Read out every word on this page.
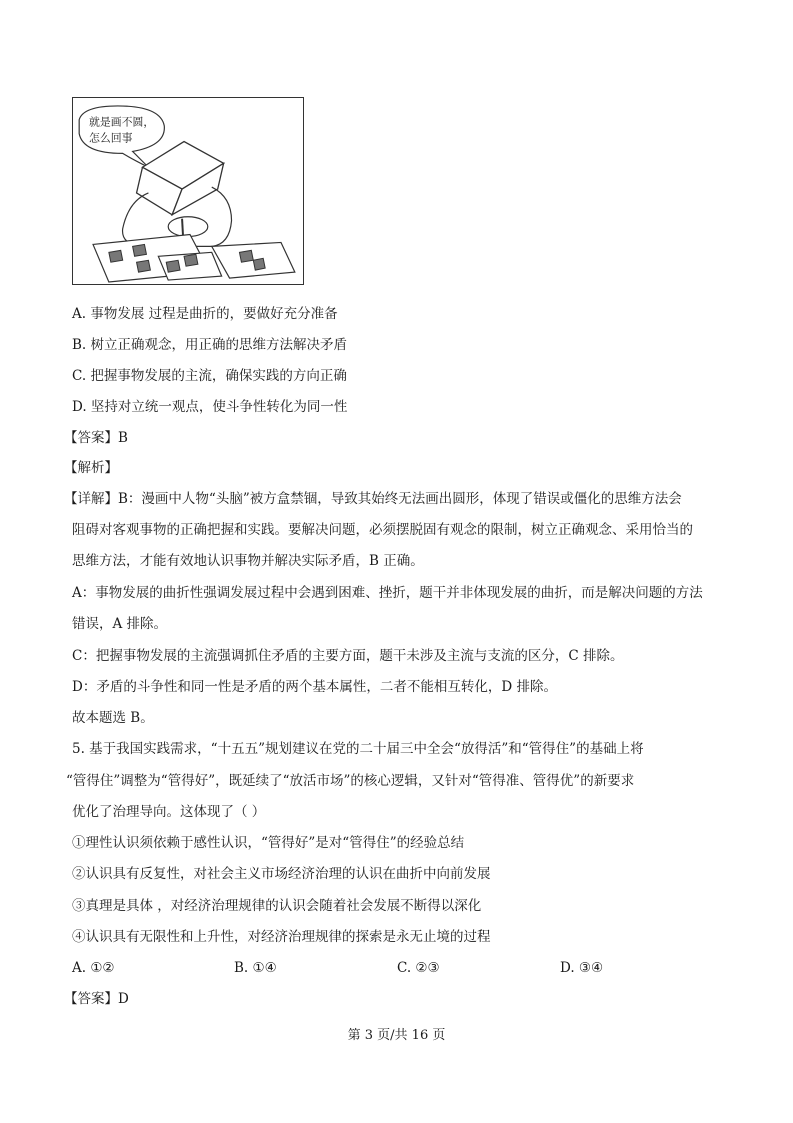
就是画不圆，
怎么回事
A. 事物发展 过程是曲折的，要做好充分准备
B. 树立正确观念，用正确的思维方法解决矛盾
C. 把握事物发展的主流，确保实践的方向正确
D. 坚持对立统一观点，使斗争性转化为同一性
【答案】B
【解析】
【详解】B：漫画中人物“头脑”被方盒禁锢，导致其始终无法画出圆形，体现了错误或僵化的思维方法会
阻碍对客观事物的正确把握和实践。要解决问题，必须摆脱固有观念的限制，树立正确观念、采用恰当的
思维方法，才能有效地认识事物并解决实际矛盾，B 正确。
A：事物发展的曲折性强调发展过程中会遇到困难、挫折，题干并非体现发展的曲折，而是解决问题的方法
错误，A 排除。
C：把握事物发展的主流强调抓住矛盾的主要方面，题干未涉及主流与支流的区分，C 排除。
D：矛盾的斗争性和同一性是矛盾的两个基本属性，二者不能相互转化，D 排除。
故本题选 B。
5. 基于我国实践需求，“十五五”规划建议在党的二十届三中全会“放得活”和“管得住”的基础上将
“管得住”调整为“管得好”，既延续了“放活市场”的核心逻辑，又针对“管得准、管得优”的新要求
优化了治理导向。这体现了（ ）
①理性认识须依赖于感性认识，“管得好”是对“管得住”的经验总结
②认识具有反复性，对社会主义市场经济治理的认识在曲折中向前发展
③真理是具体 ，对经济治理规律的认识会随着社会发展不断得以深化
④认识具有无限性和上升性，对经济治理规律的探索是永无止境的过程
A. ①②	B. ①④	C. ②③	D. ③④
【答案】D
第 3 页/共 16 页
